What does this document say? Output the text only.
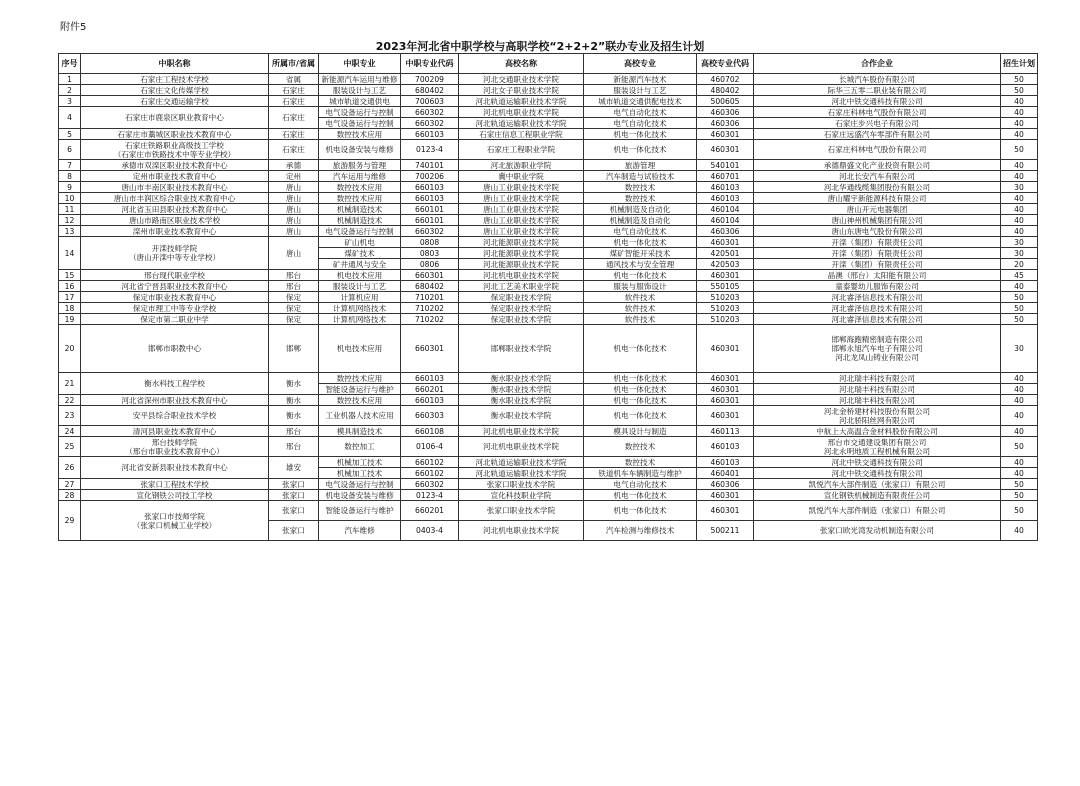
附件5
2023年河北省中职学校与高职学校“2+2+2”联办专业及招生计划
序号	中职名称	所属市/省属	中职专业	中职专业代码	高校名称	高校专业	高校专业代码	合作企业	招生计划
1	石家庄工程技术学校	省属	新能源汽车运用与维修	700209	河北交通职业技术学院	新能源汽车技术	460702	长城汽车股份有限公司	50
2	石家庄文化传媒学校	石家庄	服装设计与工艺	680402	河北女子职业技术学院	服装设计与工艺	480402	际华三五零二职业装有限公司	50
3	石家庄交通运输学校	石家庄	城市轨道交通供电	700603	河北轨道运输职业技术学院	城市轨道交通供配电技术	500605	河北中铁交通科技有限公司	40
4	石家庄市鹿泉区职业教育中心	石家庄	电气设备运行与控制	660302	河北机电职业技术学院	电气自动化技术	460306	石家庄科林电气股份有限公司	40
			电气设备运行与控制	660302	河北轨道运输职业技术学院	电气自动化技术	460306	石家庄步兴电子有限公司	40
5	石家庄市藁城区职业技术教育中心	石家庄	数控技术应用	660103	石家庄信息工程职业学院	机电一体化技术	460301	石家庄远盛汽车零部件有限公司	40
6	石家庄铁路职业高级技工学校
（石家庄市铁路技术中等专业学校）	石家庄	机电设备安装与维修	0123-4	石家庄工程职业学院	机电一体化技术	460301	石家庄科林电气股份有限公司	50
7	承德市双滦区职业技术教育中心	承德	旅游服务与管理	740101	河北旅游职业学院	旅游管理	540101	承德鼎盛文化产业投资有限公司	40
8	定州市职业技术教育中心	定州	汽车运用与维修	700206	冀中职业学院	汽车制造与试验技术	460701	河北长安汽车有限公司	40
9	唐山市丰南区职业技术教育中心	唐山	数控技术应用	660103	唐山工业职业技术学院	数控技术	460103	河北华通线缆集团股份有限公司	30
10	唐山市丰润区综合职业技术教育中心	唐山	数控技术应用	660103	唐山工业职业技术学院	数控技术	460103	唐山耀宇新能源科技有限公司	40
11	河北省玉田县职业技术教育中心	唐山	机械制造技术	660101	唐山工业职业技术学院	机械制造及自动化	460104	唐山开元电器集团	40
12	唐山市路南区职业技术学校	唐山	机械制造技术	660101	唐山工业职业技术学院	机械制造及自动化	460104	唐山神州机械集团有限公司	40
13	滦州市职业技术教育中心	唐山	电气设备运行与控制	660302	唐山工业职业技术学院	电气自动化技术	460306	唐山东唐电气股份有限公司	40
14	开滦技师学院
（唐山开滦中等专业学校）	唐山	矿山机电	0808	河北能源职业技术学院	机电一体化技术	460301	开滦（集团）有限责任公司	30
			煤矿技术	0803	河北能源职业技术学院	煤矿智能开采技术	420501	开滦（集团）有限责任公司	30
			矿井通风与安全	0806	河北能源职业技术学院	通风技术与安全管理	420503	开滦（集团）有限责任公司	20
15	邢台现代职业学校	邢台	机电技术应用	660301	河北机电职业技术学院	机电一体化技术	460301	晶澳（邢台）太阳能有限公司	45
16	河北省宁晋县职业技术教育中心	邢台	服装设计与工艺	680402	河北工艺美术职业学院	服装与服饰设计	550105	童泰婴幼儿服饰有限公司	40
17	保定市职业技术教育中心	保定	计算机应用	710201	保定职业技术学院	软件技术	510203	河北睿泽信息技术有限公司	50
18	保定市理工中等专业学校	保定	计算机网络技术	710202	保定职业技术学院	软件技术	510203	河北睿泽信息技术有限公司	50
19	保定市第二职业中学	保定	计算机网络技术	710202	保定职业技术学院	软件技术	510203	河北睿泽信息技术有限公司	50
20	邯郸市职教中心	邯郸	机电技术应用	660301	邯郸职业技术学院	机电一体化技术	460301	邯郸海跑精密制造有限公司
邯郸永旭汽车电子有限公司
河北龙凤山铸业有限公司	30
21	衡水科技工程学校	衡水	数控技术应用	660103	衡水职业技术学院	机电一体化技术	460301	河北瑞丰科技有限公司	40
			智能设备运行与维护	660201	衡水职业技术学院	机电一体化技术	460301	河北瑞丰科技有限公司	40
22	河北省深州市职业技术教育中心	衡水	数控技术应用	660103	衡水职业技术学院	机电一体化技术	460301	河北瑞丰科技有限公司	40
23	安平县综合职业技术学校	衡水	工业机器人技术应用	660303	衡水职业技术学院	机电一体化技术	460301	河北金桥建材科技股份有限公司
河北骄阳丝网有限公司	40
24	清河县职业技术教育中心	邢台	模具制造技术	660108	河北机电职业技术学院	模具设计与制造	460113	中航上大高温合金材料股份有限公司	40
25	邢台技师学院
（邢台市职业技术教育中心）	邢台	数控加工	0106-4	河北机电职业技术学院	数控技术	460103	邢台市交通建设集团有限公司
河北永明地质工程机械有限公司	50
26	河北省安新县职业技术教育中心	雄安	机械加工技术	660102	河北轨道运输职业技术学院	数控技术	460103	河北中铁交通科技有限公司	40
			机械加工技术	660102	河北轨道运输职业技术学院	铁道机车车辆制造与维护	460401	河北中铁交通科技有限公司	40
27	张家口工程技术学校	张家口	电气设备运行与控制	660302	张家口职业技术学院	电气自动化技术	460306	凯悦汽车大部件制造（张家口）有限公司	50
28	宣化钢铁公司技工学校	张家口	机电设备安装与维修	0123-4	宣化科技职业学院	机电一体化技术	460301	宣化钢铁机械制造有限责任公司	50
29	张家口市技师学院
（张家口机械工业学校）	张家口	智能设备运行与维护	660201	张家口职业技术学院	机电一体化技术	460301	凯悦汽车大部件制造（张家口）有限公司	50
		张家口	汽车维修	0403-4	河北机电职业技术学院	汽车检测与维修技术	500211	张家口欧光湾发动机制造有限公司	40
